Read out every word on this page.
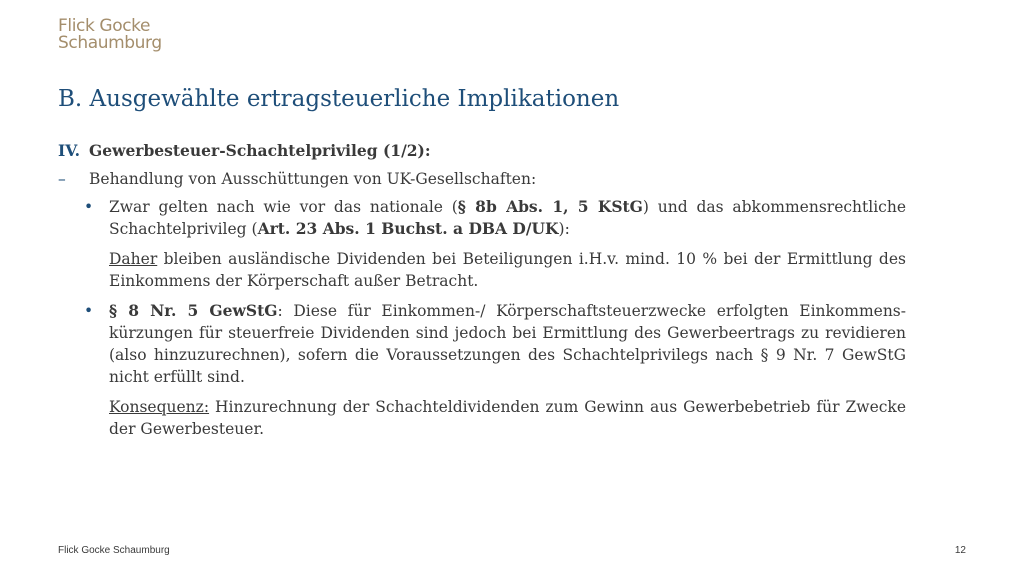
Flick Gocke
Schaumburg
B. Ausgewählte ertragsteuerliche Implikationen
IV. Gewerbesteuer-Schachtelprivileg (1/2):
–	Behandlung von Ausschüttungen von UK-Gesellschaften:
•	Zwar gelten nach wie vor das nationale (§ 8b Abs. 1, 5 KStG) und das abkommensrechtliche Schachtelprivileg (Art. 23 Abs. 1 Buchst. a DBA D/UK):
Daher bleiben ausländische Dividenden bei Beteiligungen i.H.v. mind. 10 % bei der Ermittlung des Einkommens der Körperschaft außer Betracht.
•	§ 8 Nr. 5 GewStG: Diese für Einkommen-/ Körperschaftsteuerzwecke erfolgten Einkommens-kürzungen für steuerfreie Dividenden sind jedoch bei Ermittlung des Gewerbeertrags zu revidieren (also hinzuzurechnen), sofern die Voraussetzungen des Schachtelprivilegs nach § 9 Nr. 7 GewStG nicht erfüllt sind.
Konsequenz: Hinzurechnung der Schachteldividenden zum Gewinn aus Gewerbebetrieb für Zwecke der Gewerbesteuer.
Flick Gocke Schaumburg	12
